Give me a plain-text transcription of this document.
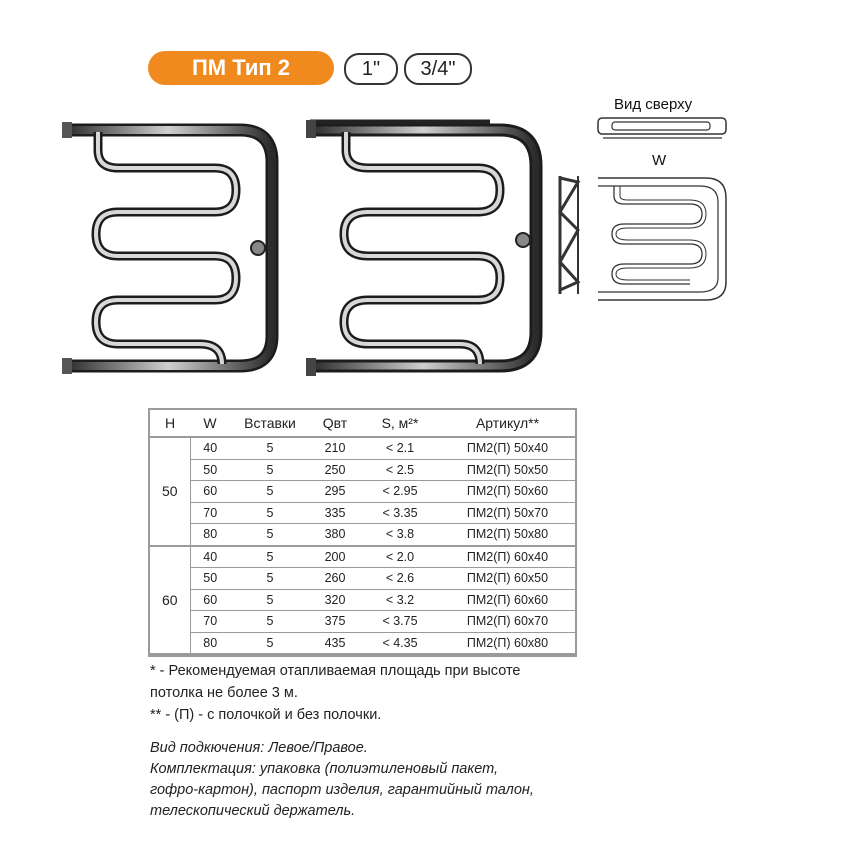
ПМ Тип 2	1"	3/4"
Вид сверху
W
H	W	Вставки	Qвт	S, м²*	Артикул**
50	40	5	210	< 2.1	ПМ2(П) 50x40
	50	5	250	< 2.5	ПМ2(П) 50x50
	60	5	295	< 2.95	ПМ2(П) 50x60
	70	5	335	< 3.35	ПМ2(П) 50x70
	80	5	380	< 3.8	ПМ2(П) 50x80
60	40	5	200	< 2.0	ПМ2(П) 60x40
	50	5	260	< 2.6	ПМ2(П) 60x50
	60	5	320	< 3.2	ПМ2(П) 60x60
	70	5	375	< 3.75	ПМ2(П) 60x70
	80	5	435	< 4.35	ПМ2(П) 60x80

* - Рекомендуемая отапливаемая площадь при высоте

потолка не более 3 м.

** - (П) - с полочкой и без полочки.

Вид подкючения: Левое/Правое.

Комплектация: упаковка (полиэтиленовый пакет,

гофро-картон), паспорт изделия, гарантийный талон,

телескопический держатель.
